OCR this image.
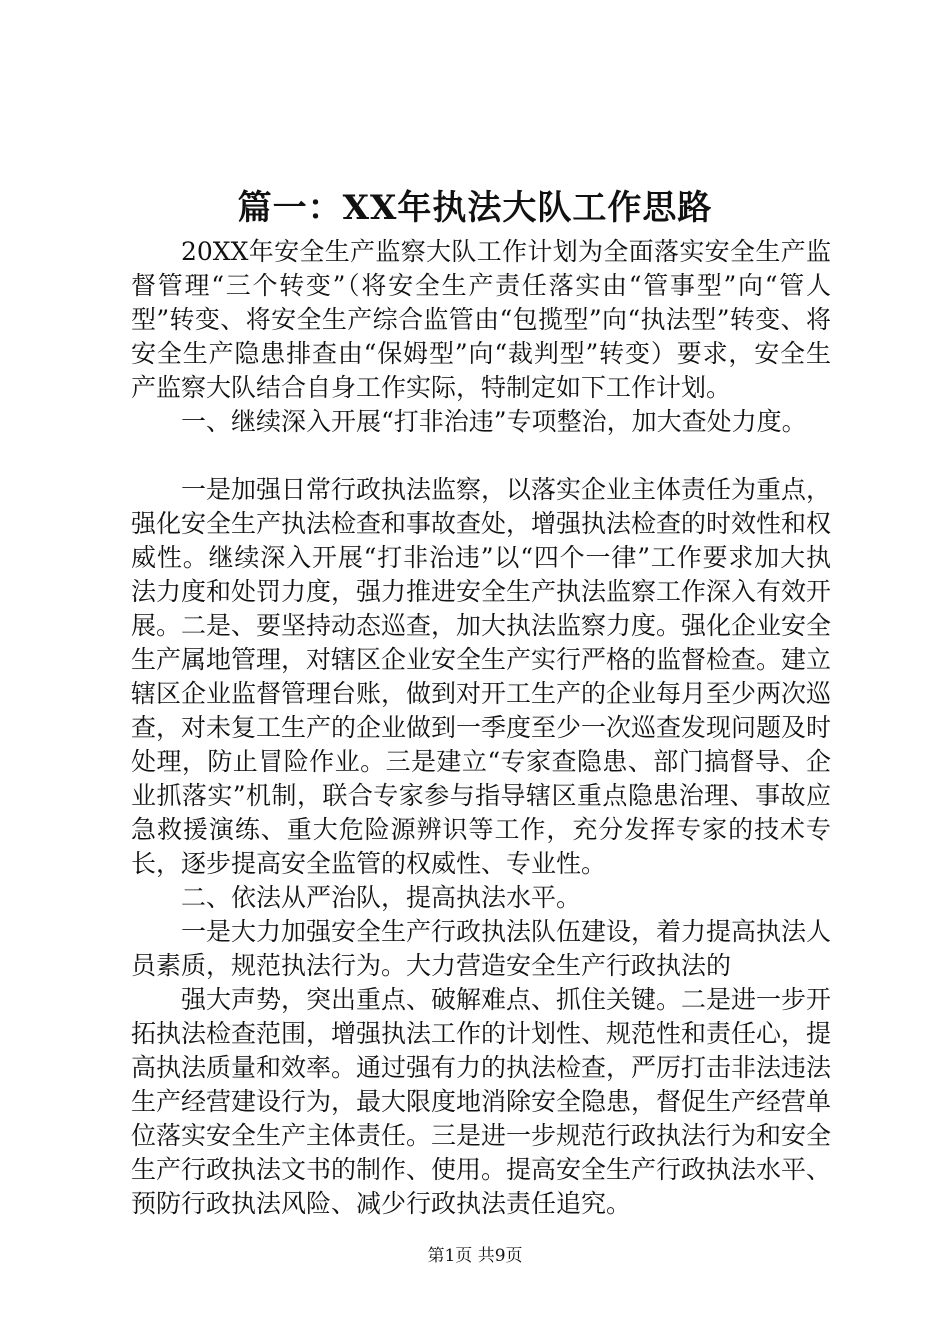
篇一：XX年执法大队工作思路

20XX年安全生产监察大队工作计划为全面落实安全生产监督管理“三个转变”（将安全生产责任落实由“管事型”向“管人型”转变、将安全生产综合监管由“包揽型”向“执法型”转变、将安全生产隐患排查由“保姆型”向“裁判型”转变）要求，安全生产监察大队结合自身工作实际，特制定如下工作计划。

一、继续深入开展“打非治违”专项整治，加大查处力度。

一是加强日常行政执法监察，以落实企业主体责任为重点，强化安全生产执法检查和事故查处，增强执法检查的时效性和权威性。继续深入开展“打非治违”以“四个一律”工作要求加大执法力度和处罚力度，强力推进安全生产执法监察工作深入有效开展。二是、要坚持动态巡查，加大执法监察力度。强化企业安全生产属地管理，对辖区企业安全生产实行严格的监督检查。建立辖区企业监督管理台账，做到对开工生产的企业每月至少两次巡查，对未复工生产的企业做到一季度至少一次巡查发现问题及时处理，防止冒险作业。三是建立“专家查隐患、部门搞督导、企业抓落实”机制，联合专家参与指导辖区重点隐患治理、事故应急救援演练、重大危险源辨识等工作，充分发挥专家的技术专长，逐步提高安全监管的权威性、专业性。

二、依法从严治队，提高执法水平。

一是大力加强安全生产行政执法队伍建设，着力提高执法人员素质，规范执法行为。大力营造安全生产行政执法的

强大声势，突出重点、破解难点、抓住关键。二是进一步开拓执法检查范围，增强执法工作的计划性、规范性和责任心，提高执法质量和效率。通过强有力的执法检查，严厉打击非法违法生产经营建设行为，最大限度地消除安全隐患，督促生产经营单位落实安全生产主体责任。三是进一步规范行政执法行为和安全生产行政执法文书的制作、使用。提高安全生产行政执法水平、预防行政执法风险、减少行政执法责任追究。

第1页 共9页
